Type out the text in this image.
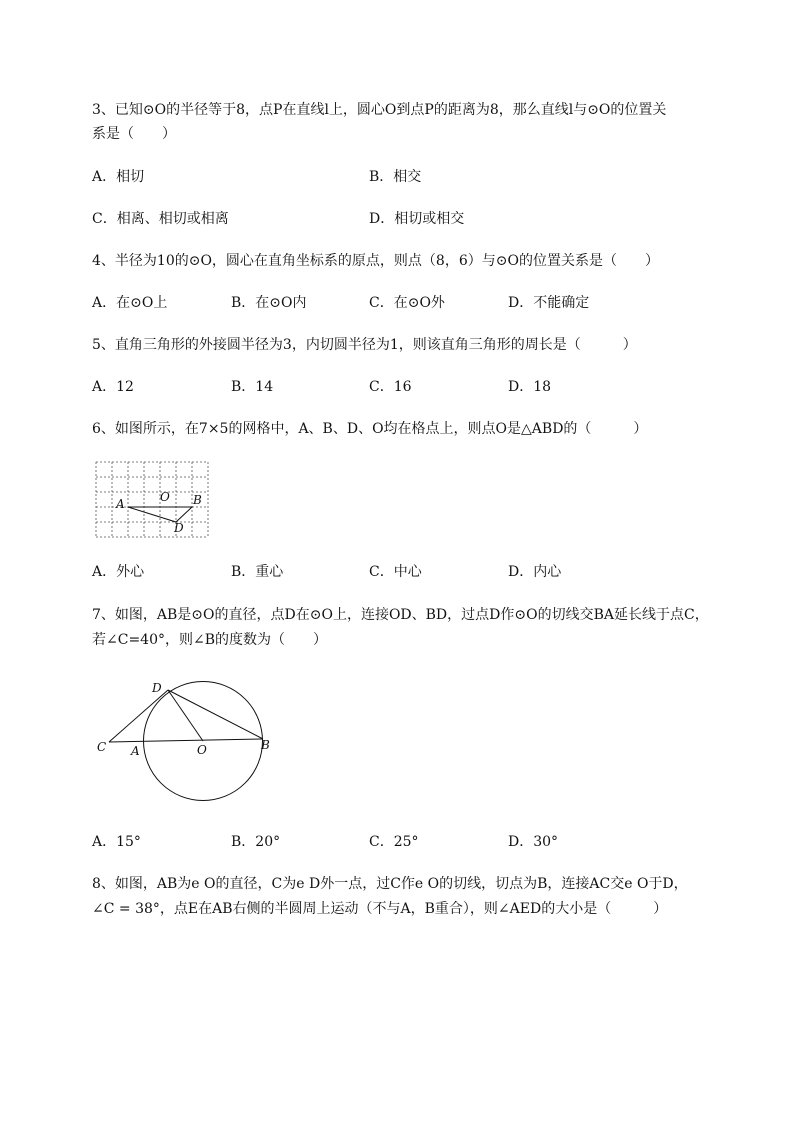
3、已知⊙O的半径等于8，点P在直线l上，圆心O到点P的距离为8，那么直线l与⊙O的位置关
系是（　　）
A．相切	B．相交
C．相离、相切或相离	D．相切或相交
4、半径为10的⊙O，圆心在直角坐标系的原点，则点（8，6）与⊙O的位置关系是（　　）
A．在⊙O上	B．在⊙O内	C．在⊙O外	D．不能确定
5、直角三角形的外接圆半径为3，内切圆半径为1，则该直角三角形的周长是（　　　）
A．12	B．14	C．16	D．18
6、如图所示，在7×5的网格中，A、B、D、O均在格点上，则点O是△ABD的（　　　）
A	O B
D
A．外心	B．重心	C．中心	D．内心
7、如图，AB是⊙O的直径，点D在⊙O上，连接OD、BD，过点D作⊙O的切线交BA延长线于点C，
若∠C=40°，则∠B的度数为（　　）
D
C A	O	B
A．15°	B．20°	C．25°	D．30°
8、如图，AB为e O的直径，C为e D外一点，过C作e O的切线，切点为B，连接AC交e O于D，
∠C = 38°，点E在AB右侧的半圆周上运动（不与A，B重合），则∠AED的大小是（　　　）
